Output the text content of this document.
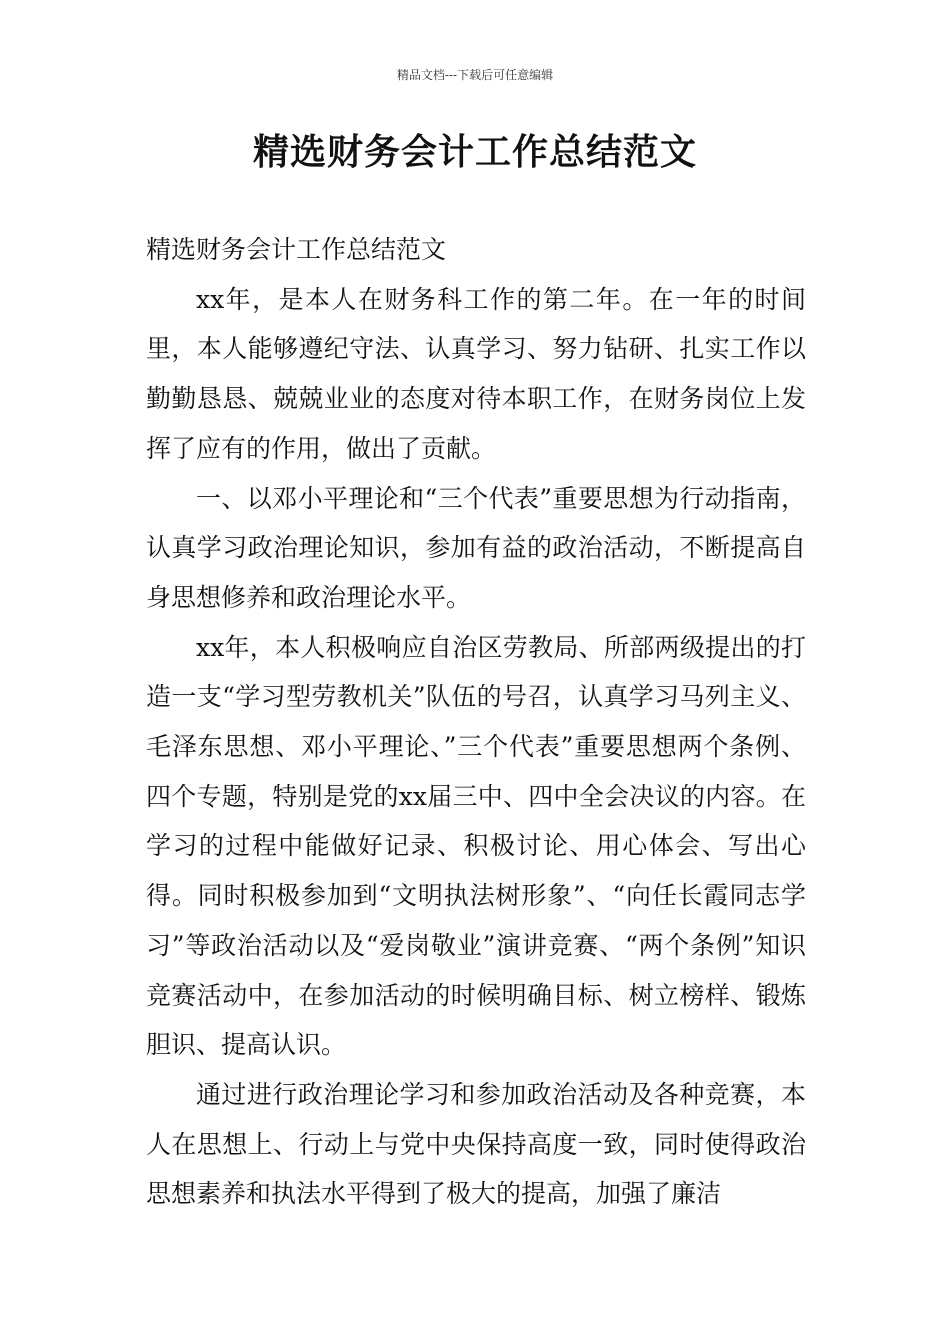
精品文档---下载后可任意编辑
精选财务会计工作总结范文

精选财务会计工作总结范文

xx年，是本人在财务科工作的第二年。在一年的时间里，本人能够遵纪守法、认真学习、努力钻研、扎实工作以勤勤恳恳、兢兢业业的态度对待本职工作，在财务岗位上发挥了应有的作用，做出了贡献。

一、以邓小平理论和“三个代表”重要思想为行动指南，认真学习政治理论知识，参加有益的政治活动，不断提高自身思想修养和政治理论水平。

xx年，本人积极响应自治区劳教局、所部两级提出的打造一支“学习型劳教机关”队伍的号召，认真学习马列主义、毛泽东思想、邓小平理论、”三个代表”重要思想两个条例、四个专题，特别是党的xx届三中、四中全会决议的内容。在学习的过程中能做好记录、积极讨论、用心体会、写出心得。同时积极参加到“文明执法树形象”、“向任长霞同志学习”等政治活动以及“爱岗敬业”演讲竞赛、“两个条例”知识竞赛活动中，在参加活动的时候明确目标、树立榜样、锻炼胆识、提高认识。

通过进行政治理论学习和参加政治活动及各种竞赛，本人在思想上、行动上与党中央保持高度一致，同时使得政治思想素养和执法水平得到了极大的提高，加强了廉洁
